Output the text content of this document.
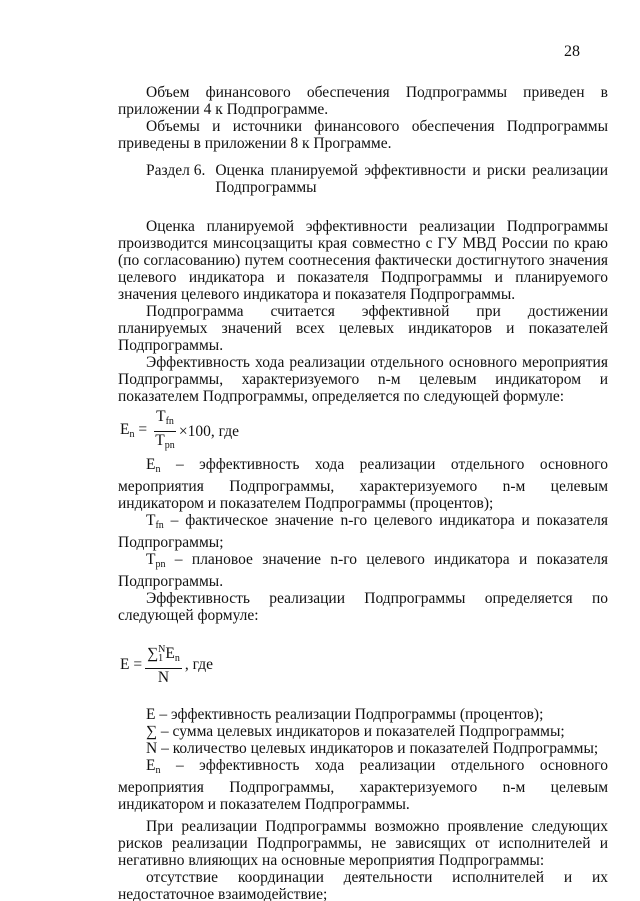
28

Объем финансового обеспечения Подпрограммы приведен в приложении 4 к Подпрограмме.

Объемы и источники финансового обеспечения Подпрограммы приведены в приложении 8 к Программе.

Раздел 6. Оценка планируемой эффективности и риски реализации
Подпрограммы

Оценка планируемой эффективности реализации Подпрограммы производится минсоцзащиты края совместно с ГУ МВД России по краю (по согласованию) путем соотнесения фактически достигнутого значения целевого индикатора и показателя Подпрограммы и планируемого значения целевого индикатора и показателя Подпрограммы.

Подпрограмма считается эффективной при достижении планируемых значений всех целевых индикаторов и показателей Подпрограммы.

Эффективность хода реализации отдельного основного мероприятия Подпрограммы, характеризуемого n-м целевым индикатором и показателем Подпрограммы, определяется по следующей формуле:

$E_n = \frac{T_{fn}}{T_{pn}} \times 100$, где

$E_n$ – эффективность хода реализации отдельного основного мероприятия Подпрограммы, характеризуемого n-м целевым индикатором и показателем Подпрограммы (процентов);

$T_{fn}$ – фактическое значение n-го целевого индикатора и показателя Подпрограммы;

$T_{pn}$ – плановое значение n-го целевого индикатора и показателя Подпрограммы.

Эффективность реализации Подпрограммы определяется по следующей формуле:

$E = \frac{\sum_1^NE_n}{N}$ , где

E – эффективность реализации Подпрограммы (процентов);

∑ – сумма целевых индикаторов и показателей Подпрограммы;

N – количество целевых индикаторов и показателей Подпрограммы;

$E_n$ – эффективность хода реализации отдельного основного мероприятия Подпрограммы, характеризуемого n-м целевым индикатором и показателем Подпрограммы.

При реализации Подпрограммы возможно проявление следующих рисков реализации Подпрограммы, не зависящих от исполнителей и негативно влияющих на основные мероприятия Подпрограммы:

отсутствие координации деятельности исполнителей и их недостаточное взаимодействие;
